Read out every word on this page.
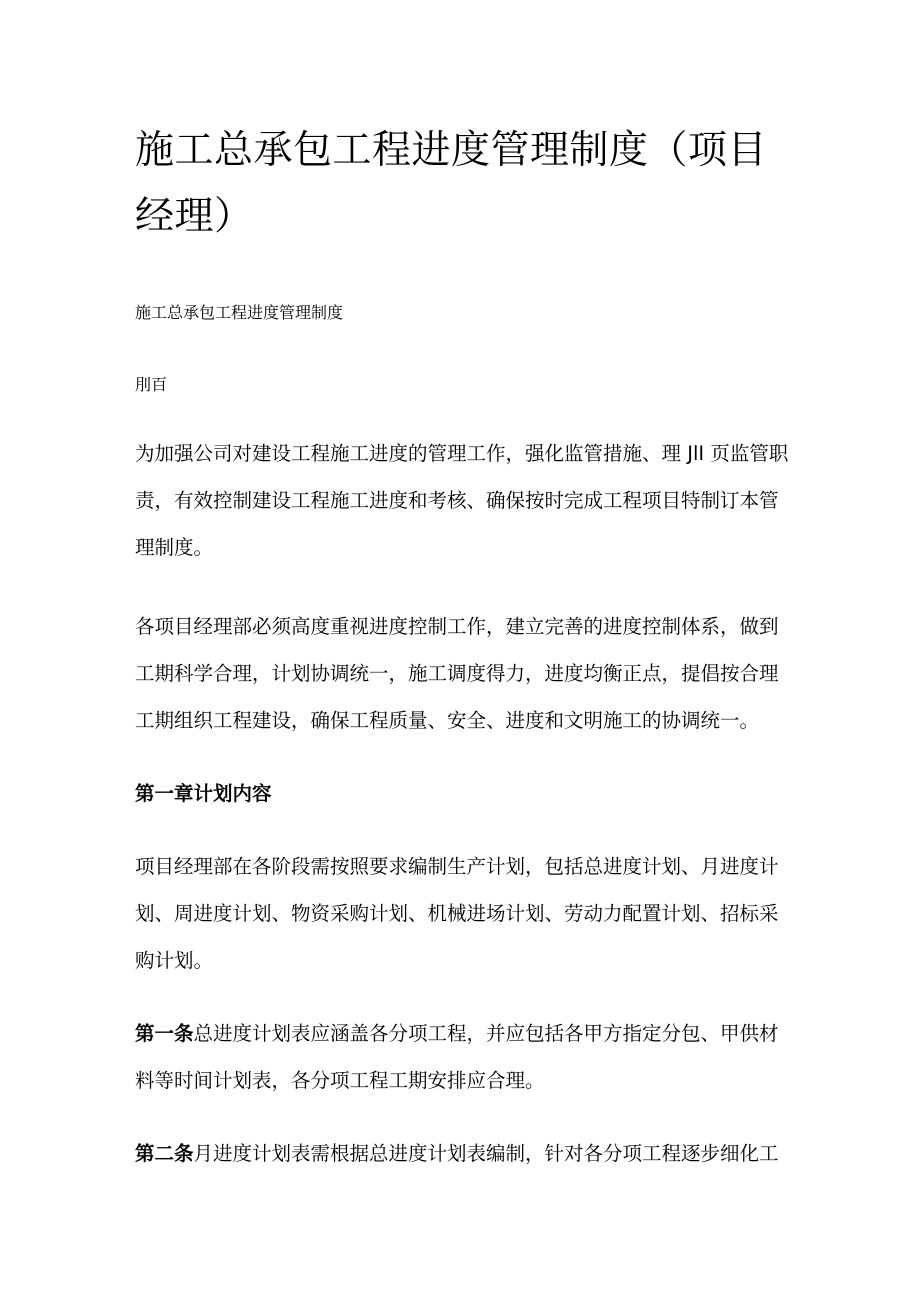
施工总承包工程进度管理制度（项目经理）

施工总承包工程进度管理制度

刖百

为加强公司对建设工程施工进度的管理工作，强化监管措施、理 JlI 页监管职责，有效控制建设工程施工进度和考核、确保按时完成工程项目特制订本管理制度。

各项目经理部必须高度重视进度控制工作，建立完善的进度控制体系，做到工期科学合理，计划协调统一，施工调度得力，进度均衡正点，提倡按合理工期组织工程建设，确保工程质量、安全、进度和文明施工的协调统一。

第一章计划内容

项目经理部在各阶段需按照要求编制生产计划，包括总进度计划、月进度计划、周进度计划、物资采购计划、机械进场计划、劳动力配置计划、招标采购计划。

第一条总进度计划表应涵盖各分项工程，并应包括各甲方指定分包、甲供材料等时间计划表，各分项工程工期安排应合理。

第二条月进度计划表需根据总进度计划表编制，针对各分项工程逐步细化工
